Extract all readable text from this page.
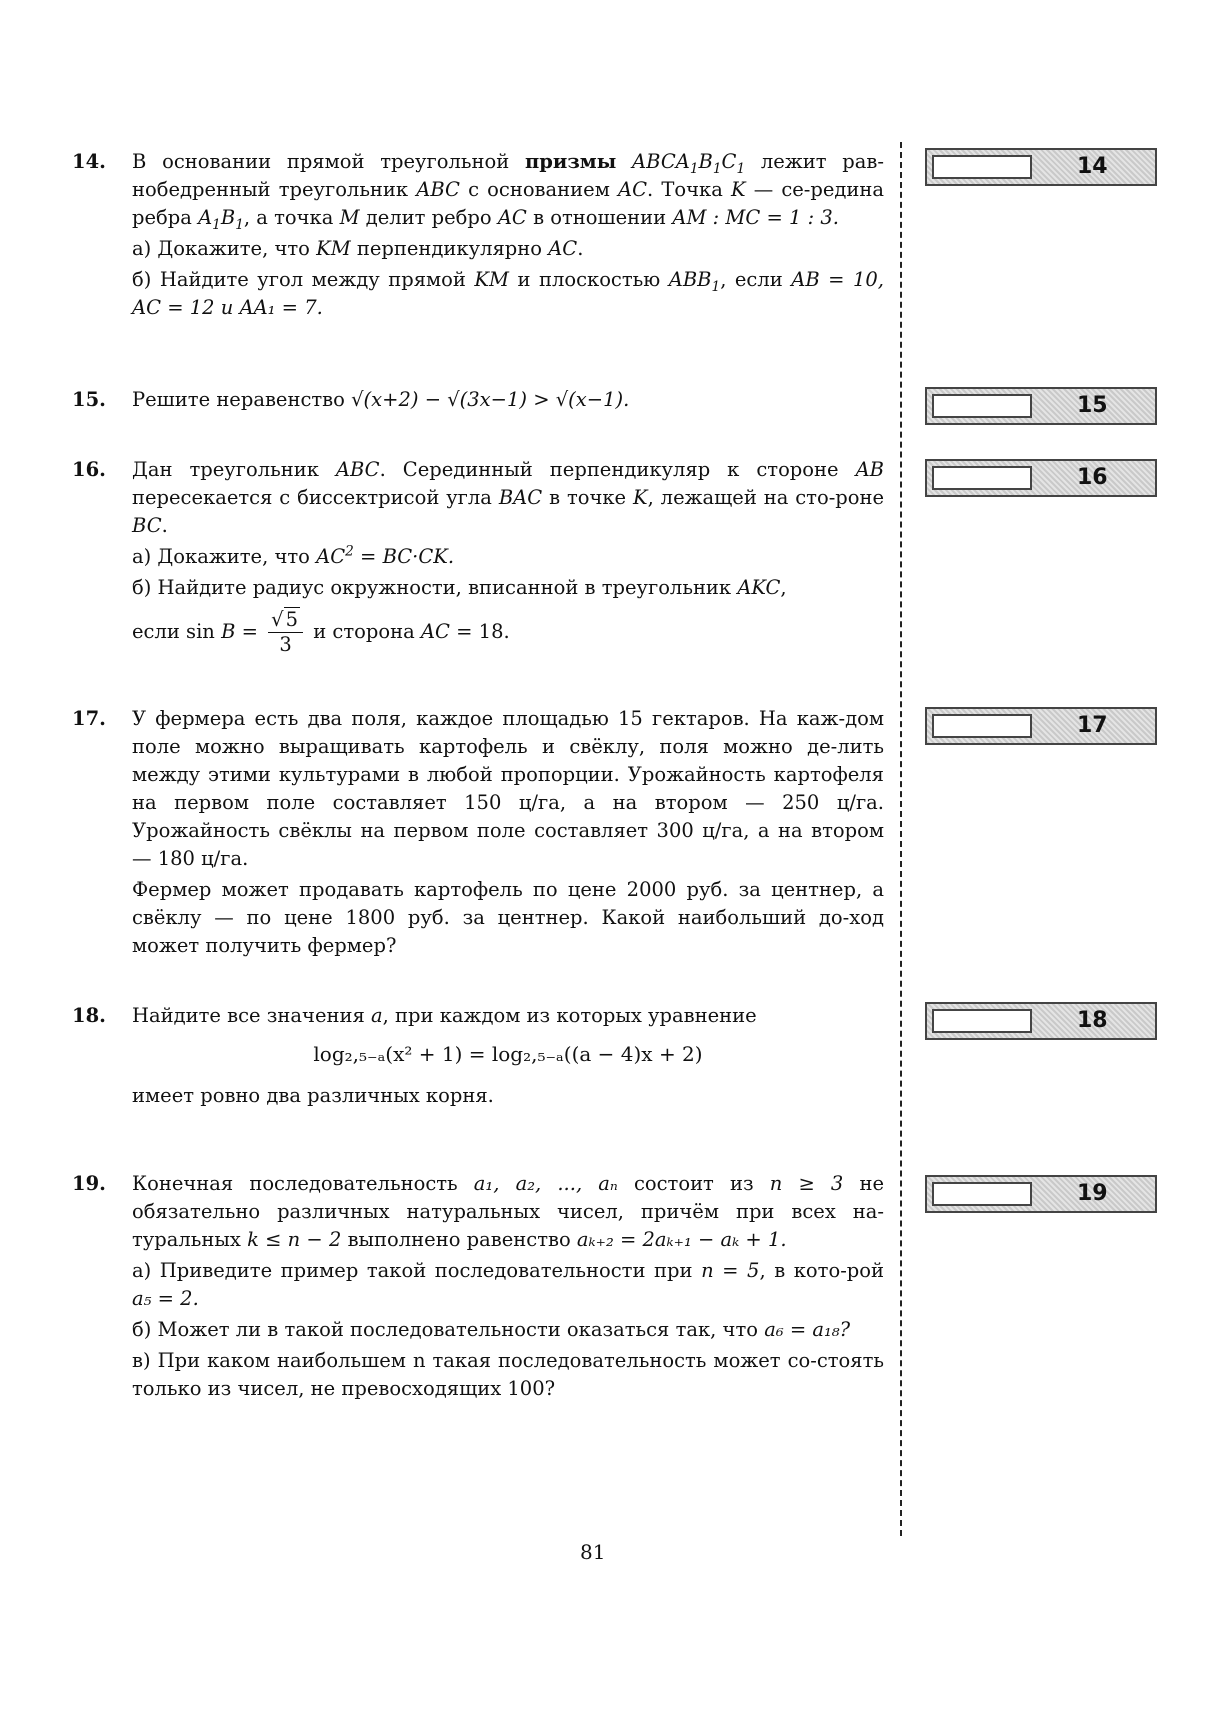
14.	В основании прямой треугольной призмы $ABCA_1B_1C_1$ лежит рав-нобедренный треугольник ABC с основанием AC. Точка K — се-редина ребра $A_1B_1$, а точка M делит ребро AC в отношении AM : MC = 1 : 3.

а) Докажите, что KM перпендикулярно AC.

б) Найдите угол между прямой KM и плоскостью $ABB_1$, если AB = 10, AC = 12 и AA₁ = 7.

15.	Решите неравенство √(x+2) − √(3x−1) > √(x−1).

16.	Дан треугольник ABC. Серединный перпендикуляр к стороне AB пересекается с биссектрисой угла BAC в точке K, лежащей на сто-роне BC.

а) Докажите, что $AC^2 = BC\cdot CK$.

б) Найдите радиус окружности, вписанной в треугольник AKC,

если $\sin B = \frac{√ 5}{3}$ и сторона AC = 18.

17.	У фермера есть два поля, каждое площадью 15 гектаров. На каж-дом поле можно выращивать картофель и свёклу, поля можно де-лить между этими культурами в любой пропорции. Урожайность картофеля на первом поле составляет 150 ц/га, а на втором — 250 ц/га. Урожайность свёклы на первом поле составляет 300 ц/га, а на втором — 180 ц/га.

Фермер может продавать картофель по цене 2000 руб. за центнер, а свёклу — по цене 1800 руб. за центнер. Какой наибольший до-ход может получить фермер?

18.	Найдите все значения a, при каждом из которых уравнение

log₂,₅₋ₐ(x² + 1) = log₂,₅₋ₐ((a − 4)x + 2)

имеет ровно два различных корня.

19.	Конечная последовательность a₁, a₂, ..., aₙ состоит из n ≥ 3 не обязательно различных натуральных чисел, причём при всех на-туральных k ≤ n − 2 выполнено равенство aₖ₊₂ = 2aₖ₊₁ − aₖ + 1.

а) Приведите пример такой последовательности при n = 5, в кото-рой a₅ = 2.

б) Может ли в такой последовательности оказаться так, что a₆ = a₁₈?

в) При каком наибольшем n такая последовательность может со-стоять только из чисел, не превосходящих 100?

14
15
16
17
18
19
81
